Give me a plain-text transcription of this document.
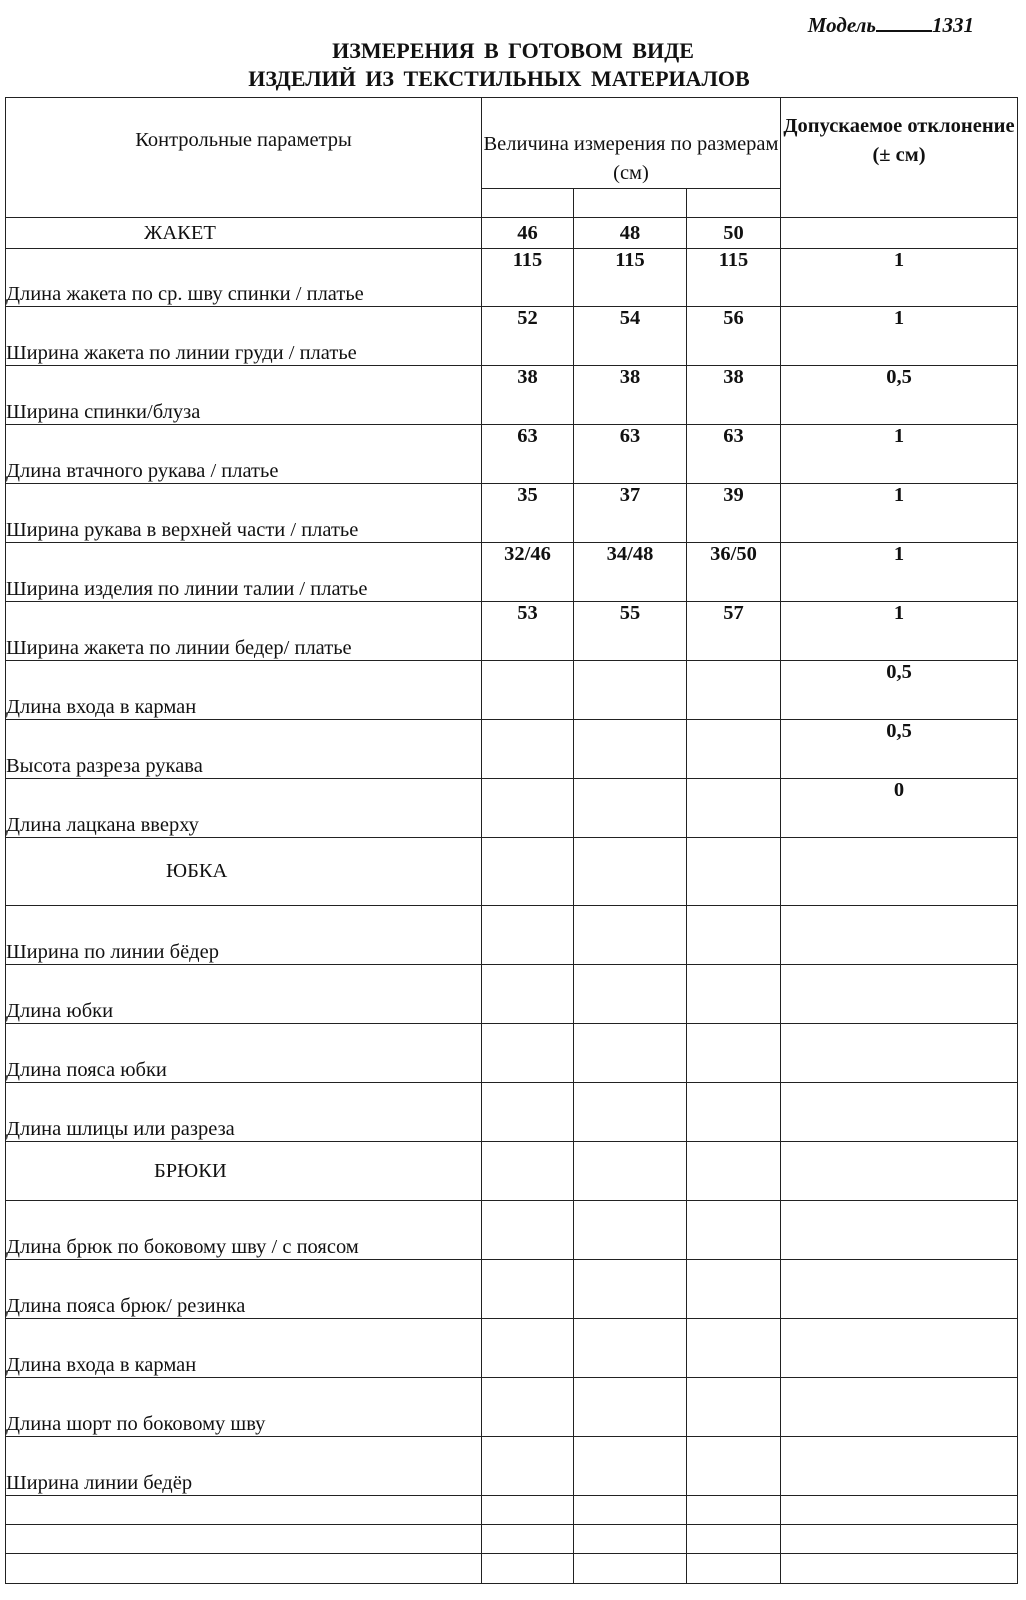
Модель	1331
ИЗМЕРЕНИЯ В ГОТОВОМ ВИДЕ
ИЗДЕЛИЙ ИЗ ТЕКСТИЛЬНЫХ МАТЕРИАЛОВ
Контрольные параметры	Величина измерения по размерам (см)			Допускаемое отклонение (± см)

ЖАКЕТ	46	48	50	
Длина жакета по ср. шву спинки / платье	115	115	115	1
Ширина жакета по линии груди / платье	52	54	56	1
Ширина спинки/блуза	38	38	38	0,5
Длина втачного рукава / платье	63	63	63	1
Ширина рукава в верхней части / платье	35	37	39	1
Ширина изделия по линии талии / платье	32/46	34/48	36/50	1
Ширина жакета по линии бедер/ платье	53	55	57	1
Длина входа в карман				0,5
Высота разреза рукава				0,5
Длина лацкана вверху				0
ЮБКА				
Ширина по линии бёдер				
Длина юбки				
Длина пояса юбки				
Длина шлицы или разреза				
БРЮКИ				
Длина брюк по боковому шву / с поясом				
Длина пояса брюк/ резинка				
Длина входа в карман				
Длина шорт по боковому шву				
Ширина линии бедёр				
